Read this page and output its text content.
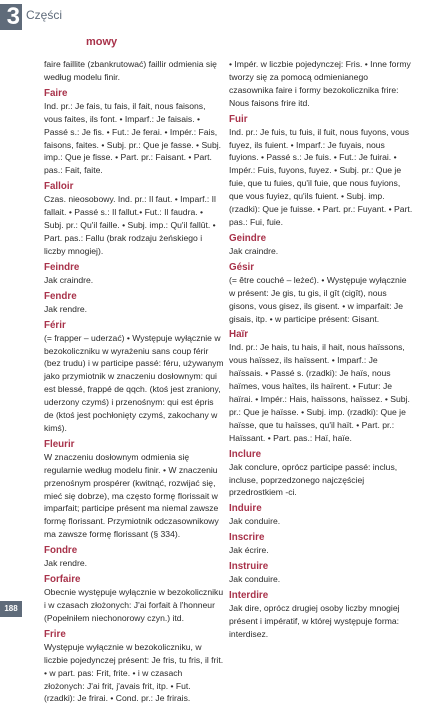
3 Części
mowy
faire faillite (zbankrutować) faillir odmienia się według modelu finir.
Faire
Ind. pr.: Je fais, tu fais, il fait, nous faisons, vous faites, ils font. • Imparf.: Je faisais. • Passé s.: Je fis. • Fut.: Je ferai. • Impér.: Fais, faisons, faites. • Subj. pr.: Que je fasse. • Subj. imp.: Que je fisse. • Part. pr.: Faisant. • Part. pas.: Fait, faite.
Falloir
Czas. nieosobowy. Ind. pr.: Il faut. • Imparf.: Il fallait. • Passé s.: Il fallut.• Fut.: Il faudra. • Subj. pr.: Qu'il faille. • Subj. imp.: Qu'il fallût. • Part. pas.: Fallu (brak rodzaju żeńskiego i liczby mnogiej).
Feindre
Jak craindre.
Fendre
Jak rendre.
Férir
(= frapper – uderzać) • Występuje wyłącznie w bezokoliczniku w wyrażeniu sans coup férir (bez trudu) i w participe passé: féru, używanym jako przymiotnik w znaczeniu dosłownym: qui est blessé, frappé de qqch. (ktoś jest zraniony, uderzony czymś) i przenośnym: qui est épris de (ktoś jest pochłonięty czymś, zakochany w kimś).
Fleurir
W znaczeniu dosłownym odmienia się regularnie według modelu finir. • W znaczeniu przenośnym prospérer (kwitnąć, rozwijać się, mieć się dobrze), ma często formę florissait w imparfait; participe présent ma niemal zawsze formę florissant. Przymiotnik odczasownikowy ma zawsze formę florissant (§ 334).
Fondre
Jak rendre.
Forfaire
Obecnie występuje wyłącznie w bezokoliczniku i w czasach złożonych: J'ai forfait à l'honneur (Popełniłem niechonorowy czyn.) itd.
Frire
Występuje wyłącznie w bezokoliczniku, w liczbie pojedynczej présent: Je fris, tu fris, il frit. • w part. pas: Frit, frite. • i w czasach złożonych: J'ai frit, j'avais frit, itp. • Fut. (rzadki): Je frirai. • Cond. pr.: Je frirais.
• Impér. w liczbie pojedynczej: Fris. • Inne formy tworzy się za pomocą odmienianego czasownika faire i formy bezokolicznika frire: Nous faisons frire itd.
Fuir
Ind. pr.: Je fuis, tu fuis, il fuit, nous fuyons, vous fuyez, ils fuient. • Imparf.: Je fuyais, nous fuyions. • Passé s.: Je fuis. • Fut.: Je fuirai. • Impér.: Fuis, fuyons, fuyez. • Subj. pr.: Que je fuie, que tu fuies, qu'il fuie, que nous fuyions, que vous fuyiez, qu'ils fuient. • Subj. imp. (rzadki): Que je fuisse. • Part. pr.: Fuyant. • Part. pas.: Fui, fuie.
Geindre
Jak craindre.
Gésir
(= être couché – leżeć). • Występuje wyłącznie w présent: Je gis, tu gis, il gît (cigît), nous gisons, vous gisez, ils gisent. • w imparfait: Je gisais, itp. • w participe présent: Gisant.
Haïr
Ind. pr.: Je hais, tu hais, il hait, nous haïssons, vous haïssez, ils haïssent. • Imparf.: Je haïssais. • Passé s. (rzadki): Je haïs, nous haïmes, vous haïtes, ils haïrent. • Futur: Je haïrai. • Impér.: Hais, haïssons, haïssez. • Subj. pr.: Que je haïsse. • Subj. imp. (rzadki): Que je haïsse, que tu haïsses, qu'il haït. • Part. pr.: Haïssant. • Part. pas.: Haï, haïe.
Inclure
Jak conclure, oprócz participe passé: inclus, incluse, poprzedzonego najczęściej przedrostkiem -ci.
Induire
Jak conduire.
Inscrire
Jak écrire.
Instruire
Jak conduire.
Interdire
Jak dire, oprócz drugiej osoby liczby mnogiej présent i impératif, w której występuje forma: interdisez.
188
